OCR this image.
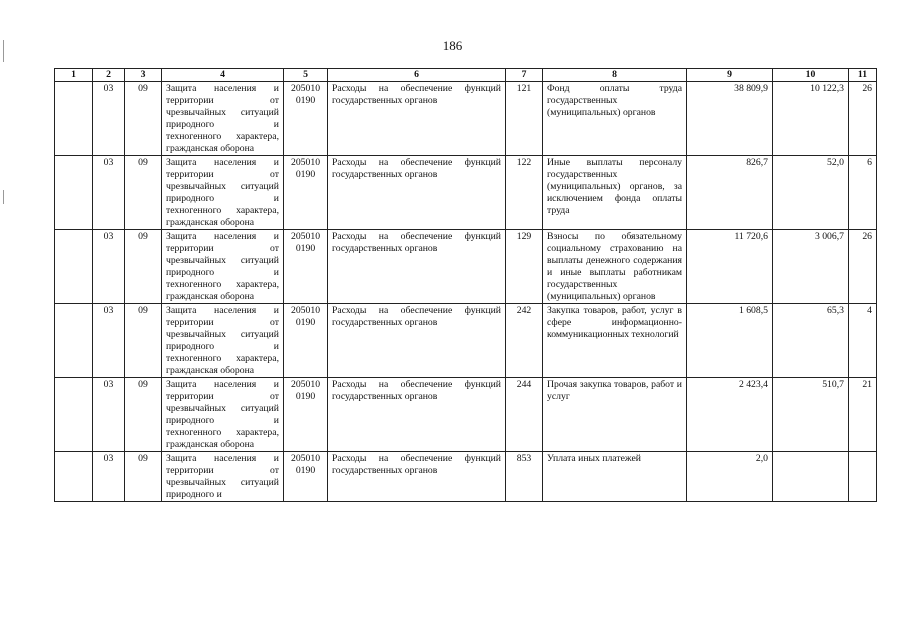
186
1	2	3	4	5	6	7	8	9	10	11
	03	09	Защита населения и территории от чрезвычайных ситуаций природного и техногенного характера, гражданская оборона	205010 0190	Расходы на обеспечение функций государственных органов	121	Фонд оплаты труда государственных (муниципальных) органов	38 809,9	10 122,3	26
	03	09	Защита населения и территории от чрезвычайных ситуаций природного и техногенного характера, гражданская оборона	205010 0190	Расходы на обеспечение функций государственных органов	122	Иные выплаты персоналу государственных (муниципальных) органов, за исключением фонда оплаты труда	826,7	52,0	6
	03	09	Защита населения и территории от чрезвычайных ситуаций природного и техногенного характера, гражданская оборона	205010 0190	Расходы на обеспечение функций государственных органов	129	Взносы по обязательному социальному страхованию на выплаты денежного содержания и иные выплаты работникам государственных (муниципальных) органов	11 720,6	3 006,7	26
	03	09	Защита населения и территории от чрезвычайных ситуаций природного и техногенного характера, гражданская оборона	205010 0190	Расходы на обеспечение функций государственных органов	242	Закупка товаров, работ, услуг в сфере информационно-коммуникационных технологий	1 608,5	65,3	4
	03	09	Защита населения и территории от чрезвычайных ситуаций природного и техногенного характера, гражданская оборона	205010 0190	Расходы на обеспечение функций государственных органов	244	Прочая закупка товаров, работ и услуг	2 423,4	510,7	21
	03	09	Защита населения и территории от чрезвычайных ситуаций природного и	205010 0190	Расходы на обеспечение функций государственных органов	853	Уплата иных платежей	2,0		
